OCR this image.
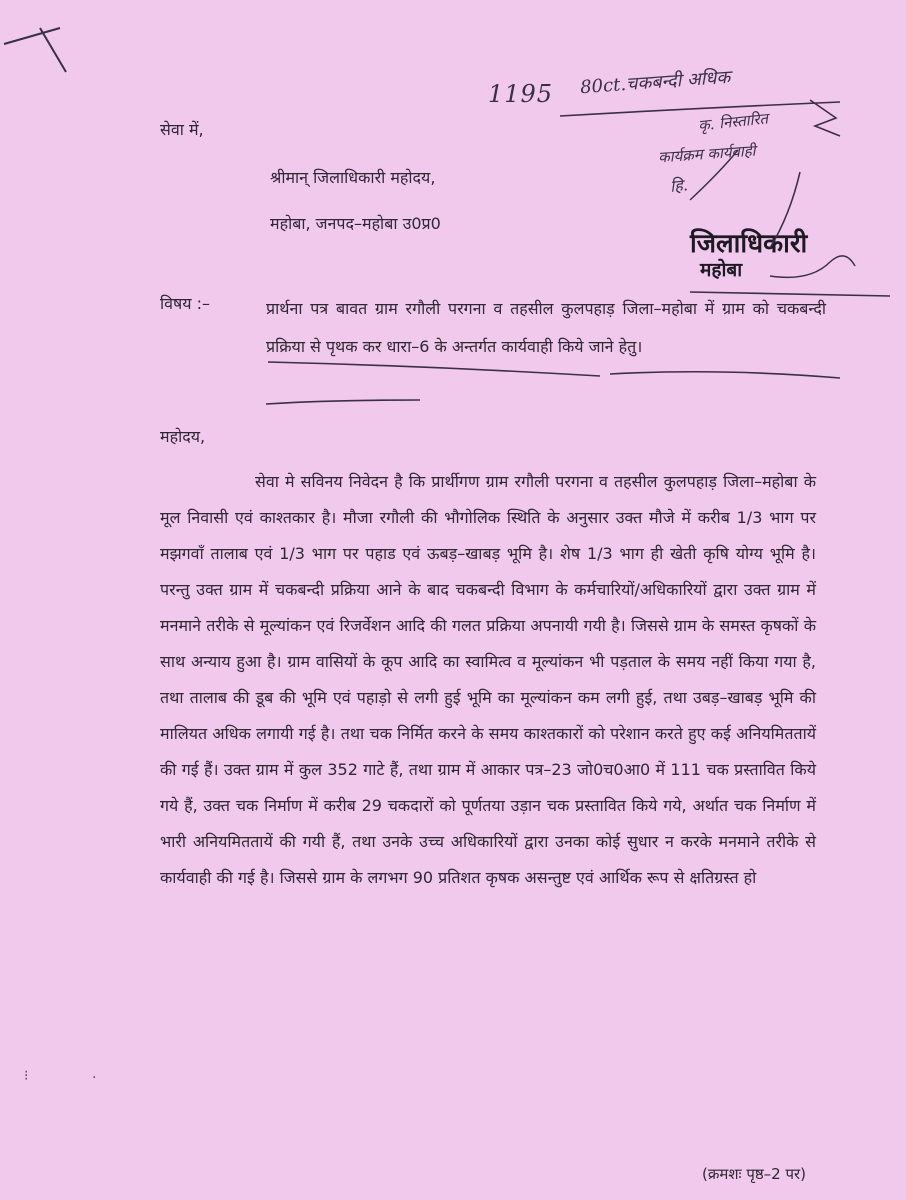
1195 80ct.चकबन्दी अधिक
कृ. निस्तारित
कार्यक्रम कार्यवाही
हि.

जिलाधिकारी

महोबा

सेवा में,

श्रीमान् जिलाधिकारी महोदय,

महोबा, जनपद–महोबा उ0प्र0

विषय :–	प्रार्थना पत्र बावत ग्राम रगौली परगना व तहसील कुलपहाड़ जिला–महोबा में ग्राम को चकबन्दी प्रक्रिया से पृथक कर धारा–6 के अन्तर्गत कार्यवाही किये जाने हेतु।

महोदय,

सेवा मे सविनय निवेदन है कि प्रार्थीगण ग्राम रगौली परगना व तहसील कुलपहाड़ जिला–महोबा के मूल निवासी एवं काश्तकार है। मौजा रगौली की भौगोलिक स्थिति के अनुसार उक्त मौजे में करीब 1/3 भाग पर मझगवाँ तालाब एवं 1/3 भाग पर पहाड एवं ऊबड़–खाबड़ भूमि है। शेष 1/3 भाग ही खेती कृषि योग्य भूमि है। परन्तु उक्त ग्राम में चकबन्दी प्रक्रिया आने के बाद चकबन्दी विभाग के कर्मचारियों/अधिकारियों द्वारा उक्त ग्राम में मनमाने तरीके से मूल्यांकन एवं रिजर्वेशन आदि की गलत प्रक्रिया अपनायी गयी है। जिससे ग्राम के समस्त कृषकों के साथ अन्याय हुआ है। ग्राम वासियों के कूप आदि का स्वामित्व व मूल्यांकन भी पड़ताल के समय नहीं किया गया है, तथा तालाब की डूब की भूमि एवं पहाड़ो से लगी हुई भूमि का मूल्यांकन कम लगी हुई, तथा उबड़–खाबड़ भूमि की मालियत अधिक लगायी गई है। तथा चक निर्मित करने के समय काश्तकारों को परेशान करते हुए कई अनियमिततायें की गई हैं। उक्त ग्राम में कुल 352 गाटे हैं, तथा ग्राम में आकार पत्र–23 जो0च0आ0 में 111 चक प्रस्तावित किये गये हैं, उक्त चक निर्माण में करीब 29 चकदारों को पूर्णतया उड़ान चक प्रस्तावित किये गये, अर्थात चक निर्माण में भारी अनियमिततायें की गयी हैं, तथा उनके उच्च अधिकारियों द्वारा उनका कोई सुधार न करके मनमाने तरीके से कार्यवाही की गई है। जिससे ग्राम के लगभग 90 प्रतिशत कृषक असन्तुष्ट एवं आर्थिक रूप से क्षतिग्रस्त हो

⁝	·

(क्रमशः पृष्ठ–2 पर)
